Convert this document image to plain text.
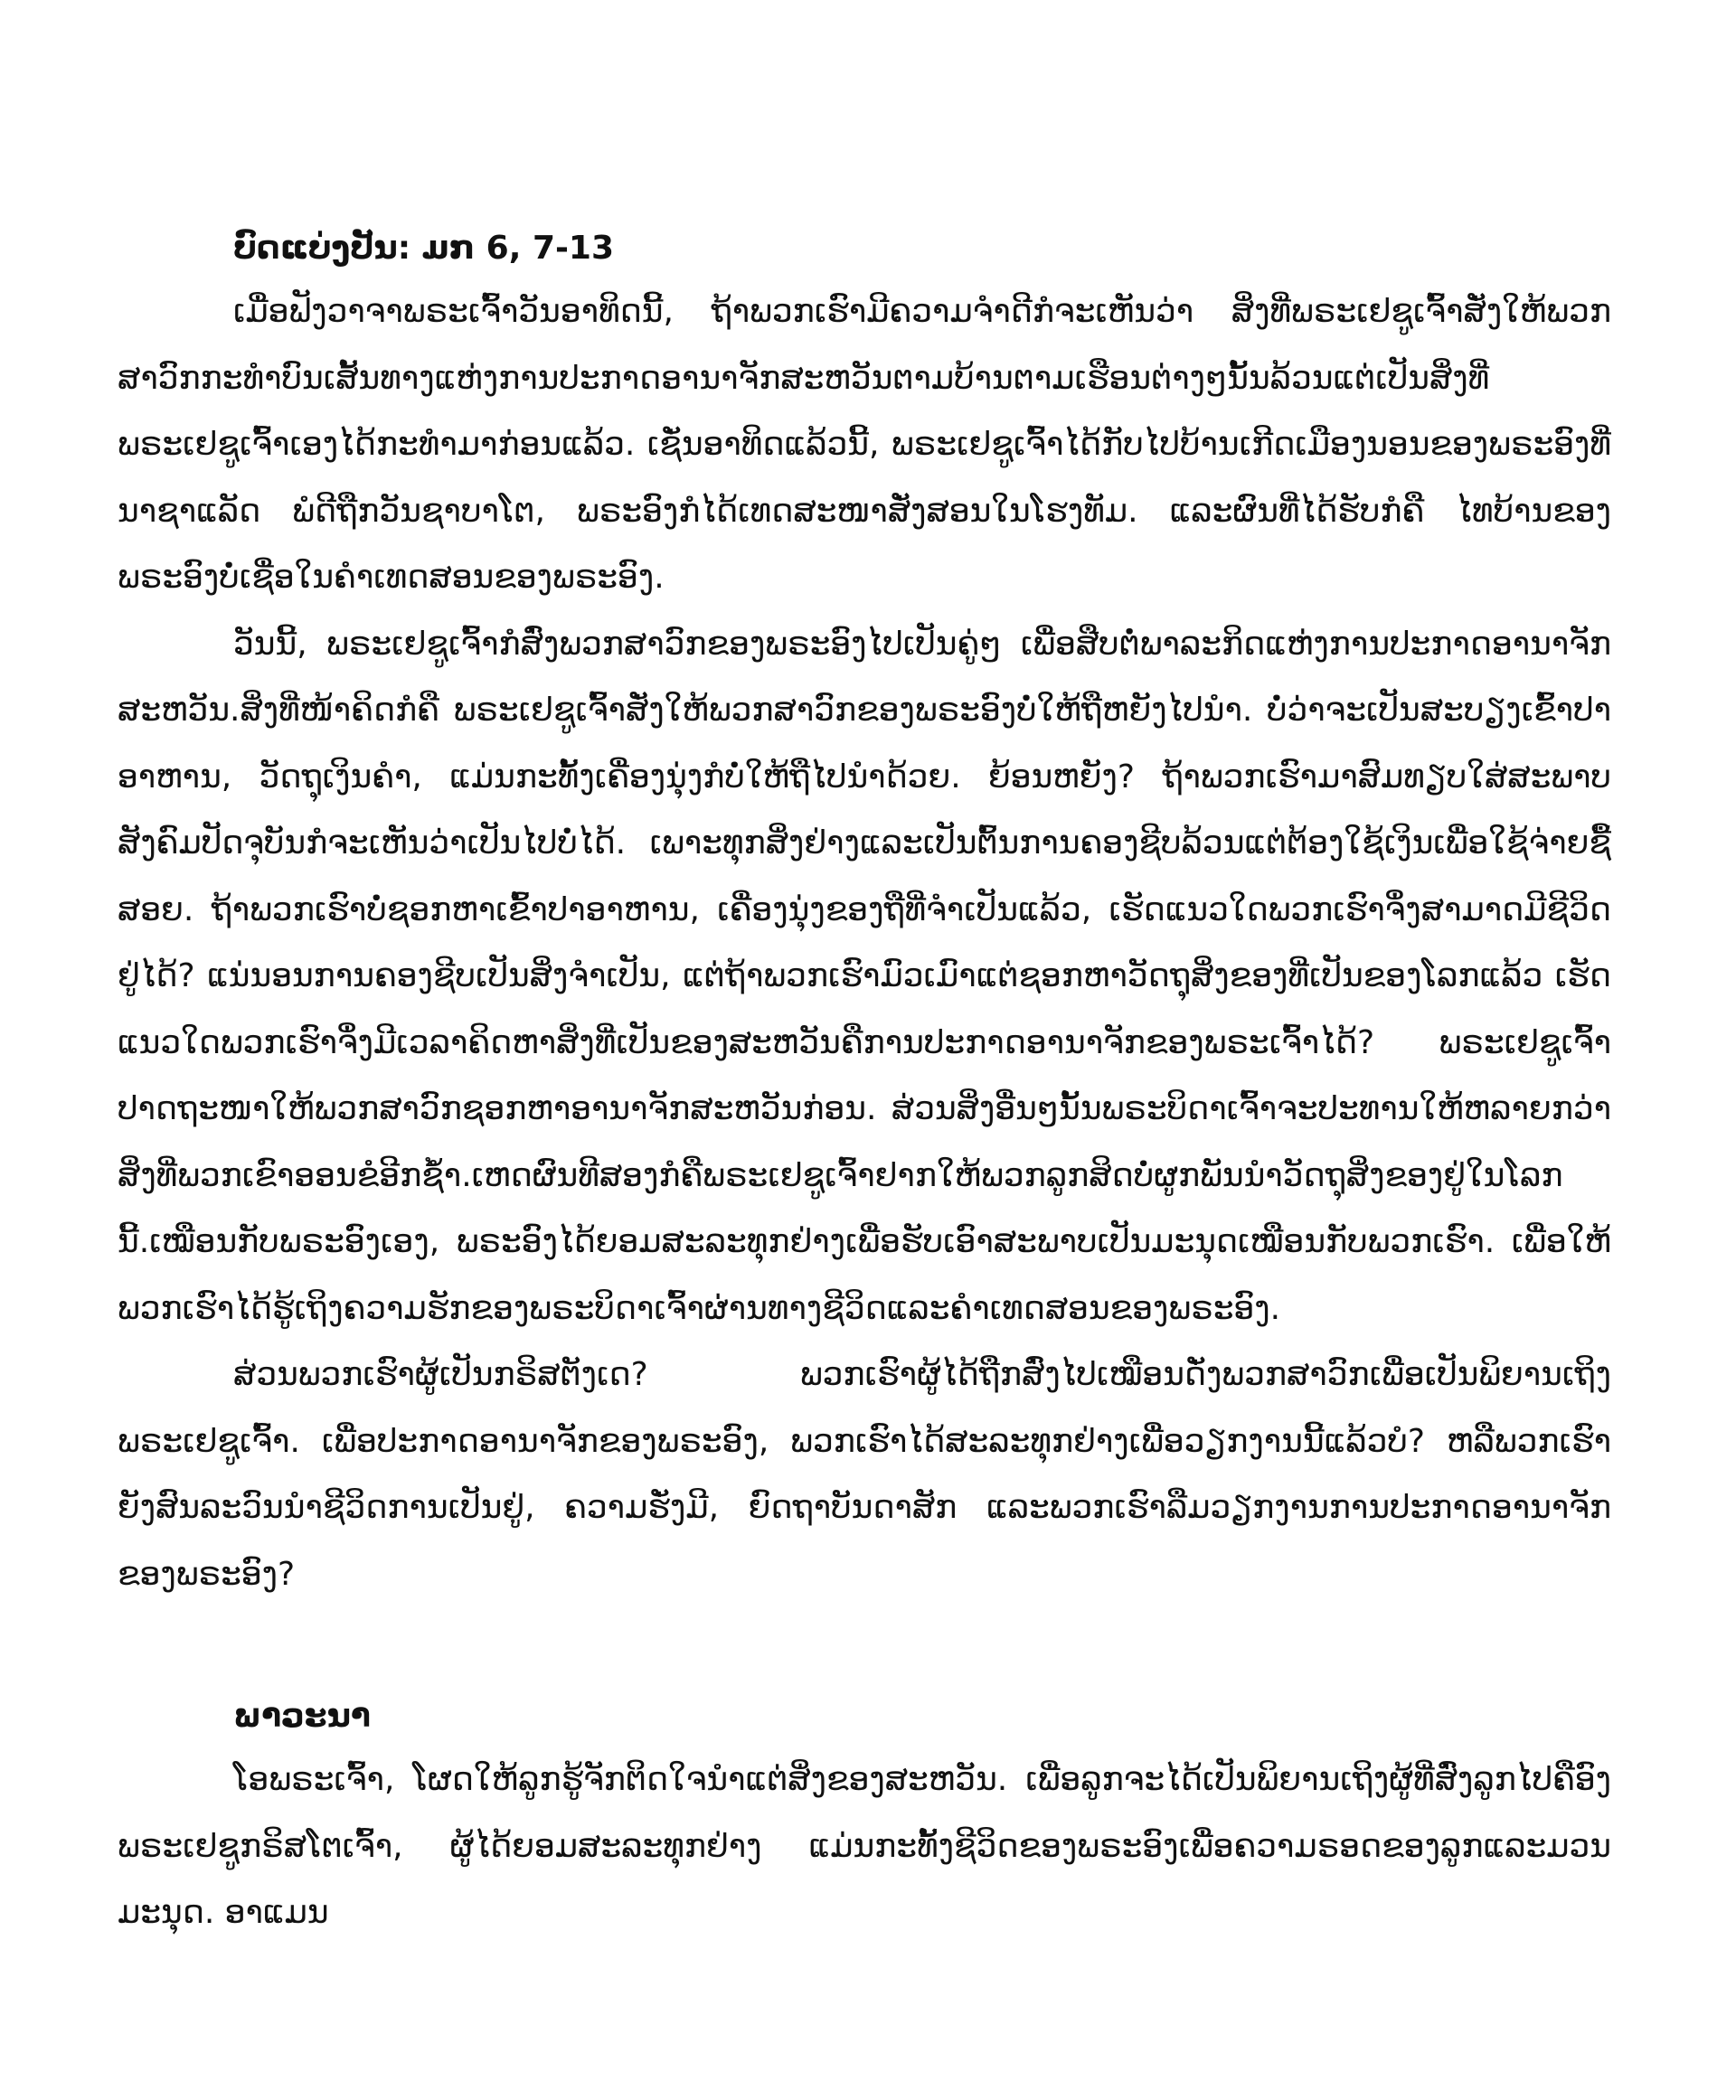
ບົດແບ່ງປັນ: ມກ 6, 7-13

ເມື່ອຟັງວາຈາພຣະເຈົ້າວັນອາທິດນີ້, ຖ້າພວກເຮົາມີຄວາມຈຳດີກໍຈະເຫັນວ່າ ສິ່ງທີ່ພຣະເຢຊູເຈົ້າສັ່ງໃຫ້ພວກສາວົກກະທຳບົນເສັ້ນທາງແຫ່ງການປະກາດອານາຈັກສະຫວັນຕາມບ້ານຕາມເຮືອນຕ່າງໆນັ້ນລ້ວນແຕ່ເປັນສິ່ງທີ່ພຣະເຢຊູເຈົ້າເອງໄດ້ກະທຳມາກ່ອນແລ້ວ. ເຊັ່ນອາທິດແລ້ວນີ້, ພຣະເຢຊູເຈົ້າໄດ້ກັບໄປບ້ານເກີດເມືອງນອນຂອງພຣະອົງທີ່ນາຊາແລັດ ພໍດີຖືກວັນຊາບາໂຕ, ພຣະອົງກໍໄດ້ເທດສະໜາສັ່ງສອນໃນໂຮງທັມ. ແລະຜົນທີ່ໄດ້ຮັບກໍຄື ໄທບ້ານຂອງພຣະອົງບໍ່ເຊື່ອໃນຄຳເທດສອນຂອງພຣະອົງ.

ວັນນີ້, ພຣະເຢຊູເຈົ້າກໍສົ່ງພວກສາວົກຂອງພຣະອົງໄປເປັນຄູ່ໆ ເພື່ອສືບຕໍ່ພາລະກິດແຫ່ງການປະກາດອານາຈັກສະຫວັນ.ສິ່ງທີ່ໜ້າຄິດກໍຄື ພຣະເຢຊູເຈົ້າສັ່ງໃຫ້ພວກສາວົກຂອງພຣະອົງບໍ່ໃຫ້ຖືຫຍັງໄປນຳ. ບໍ່ວ່າຈະເປັນສະບຽງເຂົ້າປາອາຫານ, ວັດຖຸເງິນຄຳ, ແມ່ນກະທັ້ງເຄື່ອງນຸ່ງກໍບໍ່ໃຫ້ຖືໄປນຳດ້ວຍ. ຍ້ອນຫຍັງ? ຖ້າພວກເຮົາມາສົມທຽບໃສ່ສະພາບສັງຄົມປັດຈຸບັນກໍຈະເຫັນວ່າເປັນໄປບໍ່ໄດ້. ເພາະທຸກສິ່ງຢ່າງແລະເປັນຕົ້ນການຄອງຊີບລ້ວນແຕ່ຕ້ອງໃຊ້ເງິນເພື່ອໃຊ້ຈ່າຍຊື້ສອຍ. ຖ້າພວກເຮົາບໍ່ຊອກຫາເຂົ້າປາອາຫານ, ເຄື່ອງນຸ່ງຂອງຖືທີ່ຈຳເປັນແລ້ວ, ເຮັດແນວໃດພວກເຮົາຈຶ່ງສາມາດມີຊີວິດຢູ່ໄດ້? ແນ່ນອນການຄອງຊີບເປັນສິ່ງຈຳເປັນ, ແຕ່ຖ້າພວກເຮົາມົວເມົາແຕ່ຊອກຫາວັດຖຸສິ່ງຂອງທີ່ເປັນຂອງໂລກແລ້ວ ເຮັດແນວໃດພວກເຮົາຈຶ່ງມີເວລາຄິດຫາສິ່ງທີ່ເປັນຂອງສະຫວັນຄືການປະກາດອານາຈັກຂອງພຣະເຈົ້າໄດ້? ພຣະເຢຊູເຈົ້າປາດຖະໜາໃຫ້ພວກສາວົກຊອກຫາອານາຈັກສະຫວັນກ່ອນ. ສ່ວນສິ່ງອື່ນໆນັ້ນພຣະບິດາເຈົ້າຈະປະທານໃຫ້ຫລາຍກວ່າສິ່ງທີ່ພວກເຂົາອອນຂໍອີກຊ້ຳ.ເຫດຜົນທີສອງກໍຄືພຣະເຢຊູເຈົ້າຢາກໃຫ້ພວກລູກສິດບໍ່ຜູກພັນນຳວັດຖຸສິ່ງຂອງຢູ່ໃນໂລກນີ້.ເໝືອນກັບພຣະອົງເອງ, ພຣະອົງໄດ້ຍອມສະລະທຸກຢ່າງເພື່ອຮັບເອົາສະພາບເປັນມະນຸດເໝືອນກັບພວກເຮົາ. ເພື່ອໃຫ້ພວກເຮົາໄດ້ຮູ້ເຖິງຄວາມຮັກຂອງພຣະບິດາເຈົ້າຜ່ານທາງຊີວິດແລະຄຳເທດສອນຂອງພຣະອົງ.

ສ່ວນພວກເຮົາຜູ້ເປັນກຣິສຕັງເດ? ພວກເຮົາຜູ້ໄດ້ຖືກສົ່ງໄປເໝືອນດັ່ງພວກສາວົກເພື່ອເປັນພິຍານເຖິງພຣະເຢຊູເຈົ້າ. ເພື່ອປະກາດອານາຈັກຂອງພຣະອົງ, ພວກເຮົາໄດ້ສະລະທຸກຢ່າງເພື່ອວຽກງານນີ້ແລ້ວບໍ? ຫລືພວກເຮົາຍັງສົນລະວົນນຳຊີວິດການເປັນຢູ່, ຄວາມຮັ່ງມີ, ຍົດຖາບັນດາສັກ ແລະພວກເຮົາລືມວຽກງານການປະກາດອານາຈັກຂອງພຣະອົງ?

ພາວະນາ

ໂອພຣະເຈົ້າ, ໂຜດໃຫ້ລູກຮູ້ຈັກຕິດໃຈນຳແຕ່ສິ່ງຂອງສະຫວັນ. ເພື່ອລູກຈະໄດ້ເປັນພິຍານເຖິງຜູ້ທີ່ສົ່ງລູກໄປຄືອົງພຣະເຢຊູກຣິສໂຕເຈົ້າ, ຜູ້ໄດ້ຍອມສະລະທຸກຢ່າງ ແມ່ນກະທັ້ງຊີວິດຂອງພຣະອົງເພື່ອຄວາມຣອດຂອງລູກແລະມວນມະນຸດ. ອາແມນ
